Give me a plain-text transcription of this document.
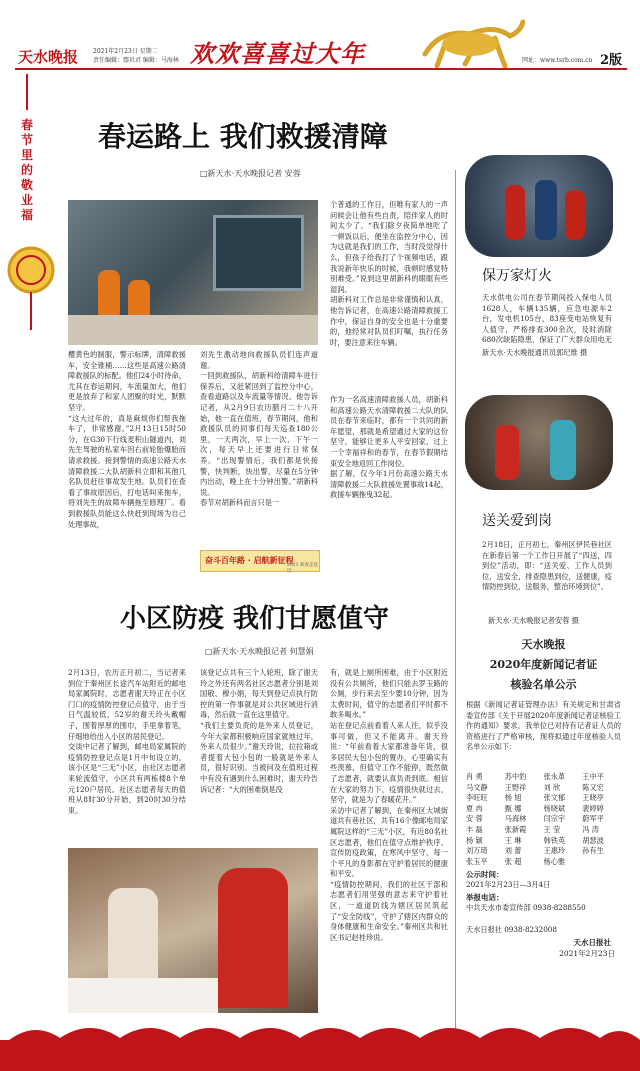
天水晚报 2021年2月23日 星期二
责任编辑：鄢贝君 编辑：马海林 欢欢喜喜过大年	网址：www.tsrb.com.cn 2版
春节里的敬业福
春运路上 我们救援清障
□新天水·天水晚报记者 安蓉
樱黄色的制服，警示标牌，清障救援车，安全锥桶……这些是高速公路清障救援队的标配。他们24小时待命，尤其在春运期间，车流量加大，他们更是放弃了和家人团聚的时光，默默坚守。
“这大过年的，真是麻烦你们帮我拖车了，非常感谢。”2月13日15时50分，在G30下行线麦积山隧道内，刘先生驾驶的私家车因右前轮胎爆胎而请求救援。接到警情的高速公路天水清障救援二大队胡新科立即和其他几名队员赶往事故发生地。队员们在查看了事故原因后，打电话叫来拖车，将刘先生的故障车辆拖至修理厂。看到救援队员能这么快赶到现场为自己处理事故，
刘先生激动地向救援队员们连声道谢。
一回到救援队，胡新科给清障车进行保养后，又赶紧回到了监控分中心，查看道路以及车流量等情况。他告诉记者，从2月9日农历腊月二十八开始，他一直在值班，春节期间，他和救援队员的同事们每天巡查180公里，一天两次，早上一次、下午一次，每天早上还要进行日常保养。“出现警情后，我们都是快接警，快判断，快出警，尽量在5分钟内出动，晚上在十分钟出警。”胡新科说。
春节对胡新科而言只是一
个普通的工作日，但唯有家人的一声问候会让他有些自责，陪伴家人的时间太少了。“我们除夕夜简单地吃了一顿饭以后，便坐在监控分中心，因为这就是我们的工作，当时没觉得什么，但孩子给我打了个视频电话，跟我说新年快乐的时候，我顿时感觉特别难受。”说到这里胡新科的眼眶有些湿润。
胡新科对工作总是非常谨慎和认真，他告诉记者，在高速公路清障救援工作中，保证自身的安全也是十分重要的，他经常对队员们叮嘱，执行任务时，要注意来往车辆。
作为一名高速清障救援人员，胡新科和高速公路天水清障救援二大队的队员在春节来临时，都有一个共同的新年愿望，那就是希望通过大家的这份坚守，能够让更多人平安回家，过上一个幸福祥和的春节，在春节假期结束安全地返回工作岗位。
据了解，仅今年1月份高速公路天水清障救援二大队救援处置事故14起，救援车辆拖曳32起。
奋斗百年路 · 启航新征程
2021 新春走基层
小区防疫 我们甘愿值守
□新天水·天水晚报记者 何慧娟
2月13日，农历正月初二，当记者来到位于秦州区长途汽车站附近的邮电局家属院时，志愿者谢天玲正在小区门口的疫情防控登记点值守，由于当日气温较低，52岁的谢天玲头戴帽子，围着厚厚的围巾，手里拿着笔，仔细地给出入小区的居民登记。
交谈中记者了解到，邮电局家属院的疫情防控登记点是1月中旬设立的，该小区是“三无”小区，由社区志愿者来轮流值守，小区共有两栋楼8个单元120户居民。社区志愿者每天的值班从8时30分开始，到20时30分结束。
该登记点共有三个人轮班，除了谢天玲之外还有两名社区志愿者分别是刘国敬、穆小娟，每天到登记点执行防控的第一件事就是对公共区域进行消毒，然后就一直在这里值守。
“我们主要负责的是外来人员登记，今年大家都积极响应国家就地过年，外来人员很少。”谢天玲说，拉拉箱或者提着大包小包的一般就是外来人员，很好识别。当被问及在值班过程中有没有遇到什么困难时，谢天玲告诉记者：“大的困难倒是没
有，就是上厕所困难，由于小区附近没有公共厕所，他们只能去罗玉路的公厕，步行来去至少要10分钟，因为太费时间，值守的志愿者们平时都不敢多喝水。”
站在登记点前看着人来人往，似乎没事可做，但又不能离开。谢天玲说：“年前看着大家都准备年货，很多居民大包小包的置办，心里确实有些羡慕，但值守工作不能停，既然做了志愿者，就要认真负责到底。相信在大家的努力下，疫情很快就过去，坚守，就是为了春暖花开。”
采访中记者了解到，在秦州区大城街道共有巷社区，共有16个像邮电局家属院这样的“三无”小区，有近80名社区志愿者，他们在值守点维护秩序、宣传防疫政策，在寒风中坚守，每一个平凡的身影都在守护着居民的健康和平安。
“疫情防控期间，我们的社区干部和志愿者们用坚强的意志来守护着社区，一道道防线为辖区居民筑起了“安全防线”，守护了辖区内群众的身体健康和生命安全。”秦州区共和社区书记赵桂珍说。
保万家灯火
天水供电公司在春节期间投入保电人员1628人，车辆135辆，应急电源车2台，发电机105台，83座变电站恢复有人值守，严格排查300余次，及时消除680次缺陷隐患，保证了广大群众用电无
新天水·天水晚报通讯员郭纪维 摄
送关爱到岗
2月18日，正月初七，秦州区伊民巷社区在新春后第一个工作日开展了“四送，四到位”活动，即：“送关爱、工作人员到位，送安全，排查隐患到位，送健康，疫情防控到位，送服务，整治环境到位”。
新天水·天水晚报记者安蓉 摄
天水晚报
2020年度新闻记者证
核验名单公示
根据《新闻记者证管理办法》有关规定和甘肃省委宣传部《关于开展2020年度新闻记者证核验工作的通知》要求，我单位已对持有记者证人员的资格进行了严格审核，现将拟通过年度核验人员名单公示如下：
肖 勇	苏中豹	张永革	王中平
马文静	王野祥	刘 欣	陈又宏
李旺旺	杨 旭	张文郁	王晓亭
夏 冉	甄 娜	杨晓斌	裴婷婷
安 蓉	马海林	闫宗宇	蔚军平
丰 磊	张新霞	王 莹	冯 涛
杨 颖	王 琳	韩铁英	胡瑟波
刘万琦	刘 蕾	王惠玲	孙有生
张玉平	张 超	杨心雅
公示时间：
2021年2月23日—3月4日
举报电话：
中共天水市委宣传部 0938-8288550
天水日报社 0938-8232008
天水日报社
2021年2月23日
